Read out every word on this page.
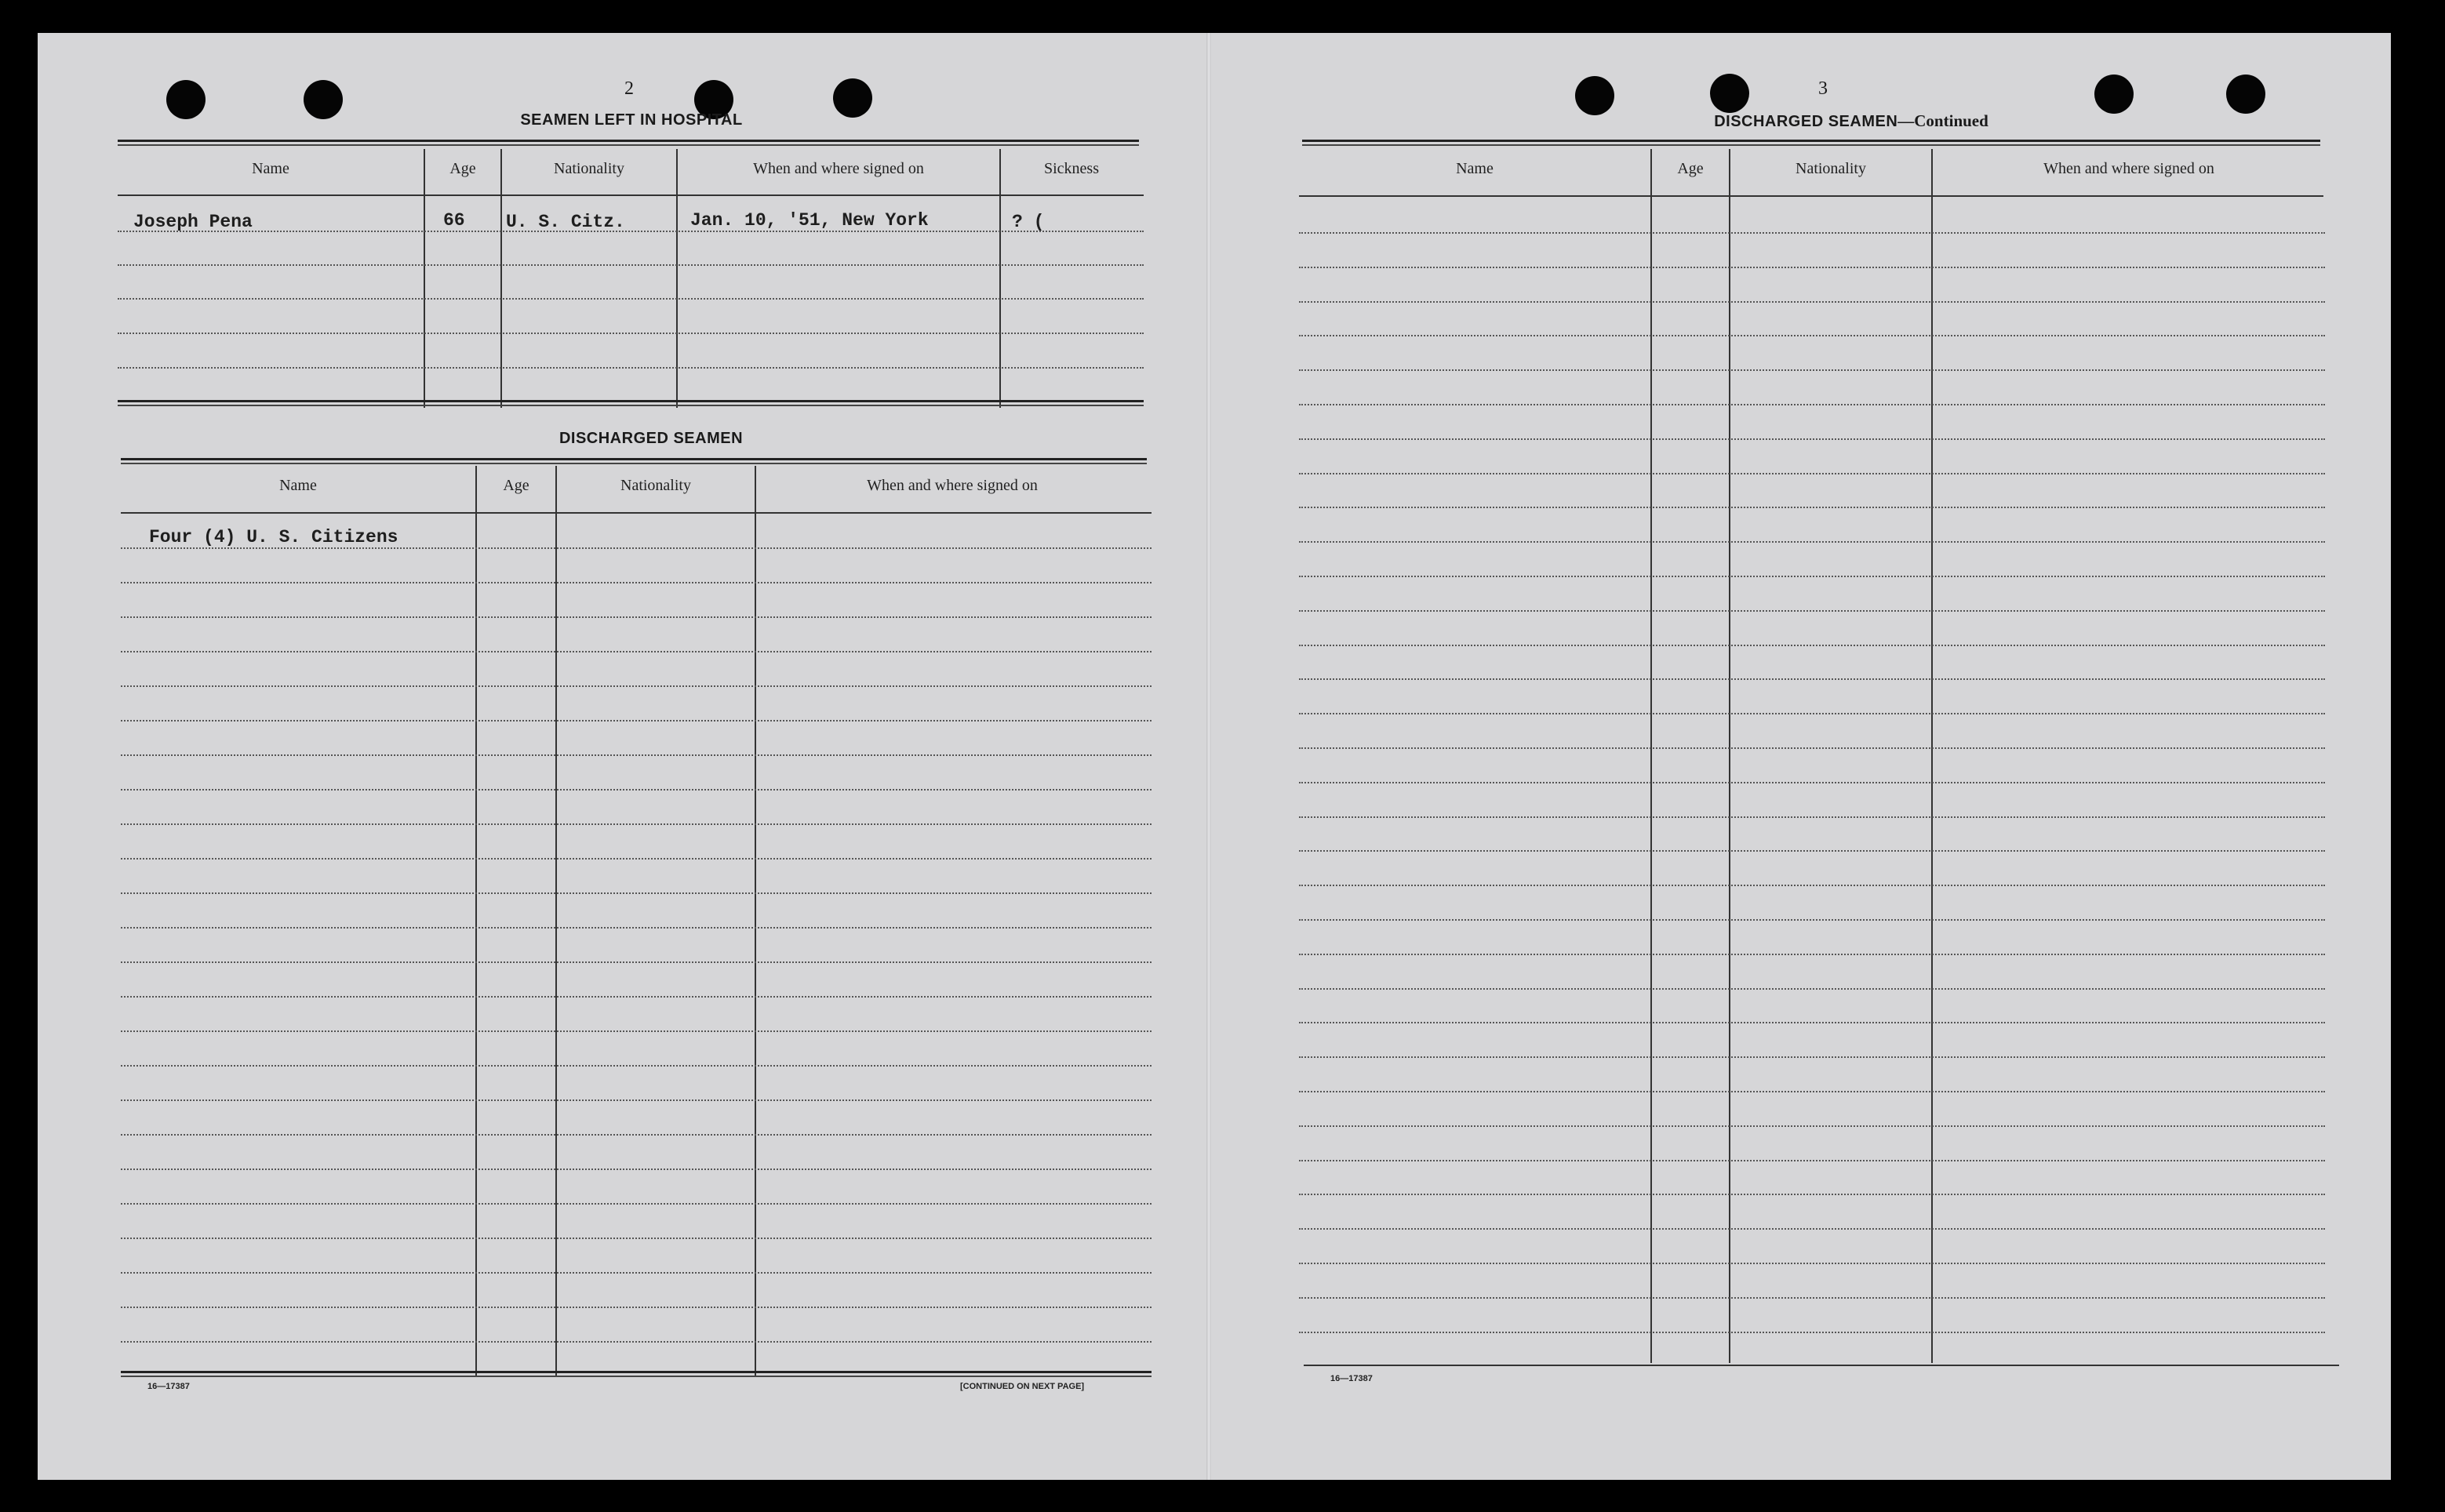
2
SEAMEN LEFT IN HOSPITAL
Name	Age	Nationality	When and where signed on	Sickness
Joseph Pena	66 U. S. Citz.	Jan. 10, '51, New York	? (
DISCHARGED SEAMEN
Name	Age	Nationality	When and where signed on
Four (4) U. S. Citizens
16—17387	[CONTINUED ON NEXT PAGE]
3
DISCHARGED SEAMEN—Continued
Name	Age	Nationality	When and where signed on
16—17387
